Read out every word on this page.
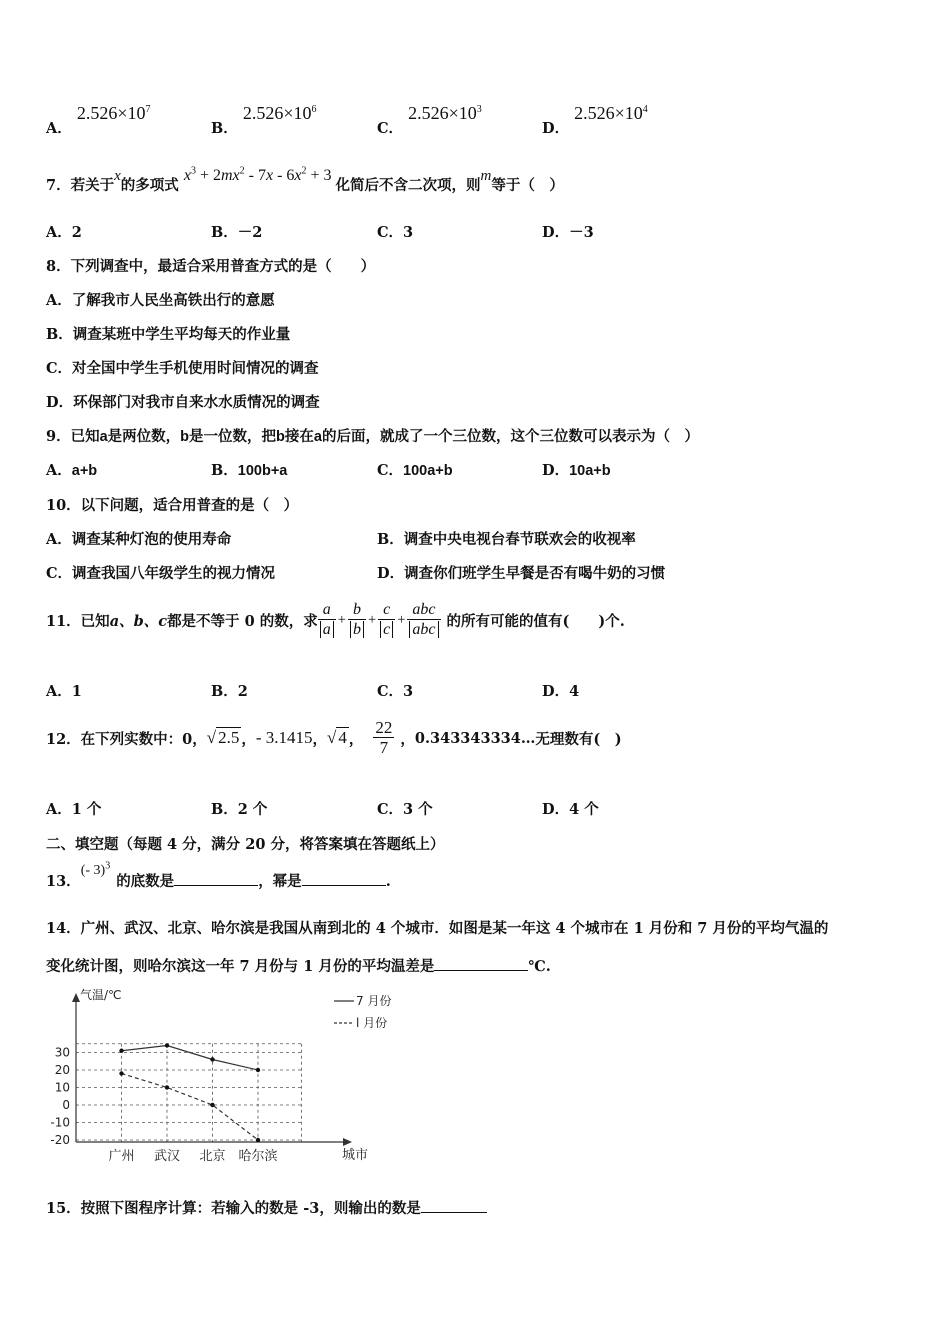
A． $2.526\times 10^7$
B． $2.526\times 10^6$
C． $2.526\times 10^3$
D． $2.526\times 10^4$
7．若关于x的多项式 $x^3 + 2mx^2 - 7x - 6x^2 + 3$ 化简后不含二次项，则m等于（　）
A．2	B．－2	C．3	D．－3
8．下列调查中，最适合采用普查方式的是（　　）
A．了解我市人民坐高铁出行的意愿
B．调查某班中学生平均每天的作业量
C．对全国中学生手机使用时间情况的调查
D．环保部门对我市自来水水质情况的调查
9．已知a是两位数，b是一位数，把b接在a的后面，就成了一个三位数，这个三位数可以表示为（　）
A．a+b	B．100b+a	C．100a+b	D．10a+b
10．以下问题，适合用普查的是（　）
A．调查某种灯泡的使用寿命	B．调查中央电视台春节联欢会的收视率
C．调查我国八年级学生的视力情况	D．调查你们班学生早餐是否有喝牛奶的习惯
11．已知 a、b、c 都是不等于 0 的数，求 $\frac{a}{a} + \frac{b}{b} + \frac{c}{c} + \frac{\text{abc}}{\text{abc}}$ 的所有可能的值有(　　)个.
A．1	B．2	C．3	D．4
12．在下列实数中：0， √ 2.5 ， - 3.1415 ， √ 4 ， $\frac{22}{7}$ ， 0.343343334… 无理数有(　)
A．1 个	B．2 个	C．3 个	D．4 个
二、填空题（每题 4 分，满分 20 分，将答案填在答题纸上）
13．(- 3)$^3$的底数是	，幂是	.
14．广州、武汉、北京、哈尔滨是我国从南到北的 4 个城市．如图是某一年这 4 个城市在 1 月份和 7 月份的平均气温的
变化统计图，则哈尔滨这一年 7 月份与 1 月份的平均温差是	℃.
气温/℃
城市
30
20
10
0
-10
-20
广州 武汉 北京 哈尔滨
7 月份
l 月份
15．按照下图程序计算：若输入的数是 -3，则输出的数是
